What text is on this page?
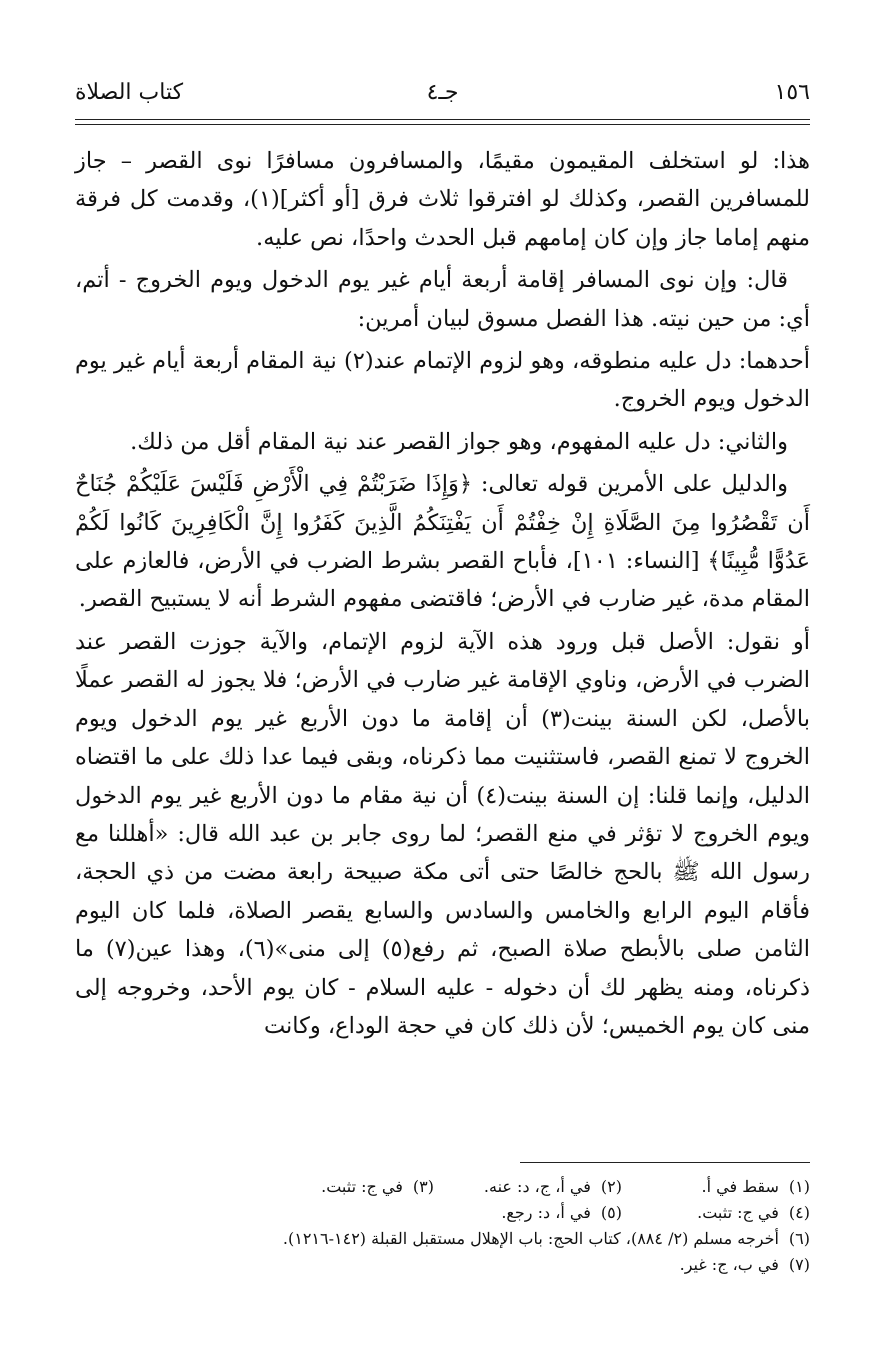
١٥٦
جـ٤
كتاب الصلاة

هذا: لو استخلف المقيمون مقيمًا، والمسافرون مسافرًا نوى القصر – جاز للمسافرين القصر، وكذلك لو افترقوا ثلاث فرق [أو أكثر](١)، وقدمت كل فرقة منهم إماما جاز وإن كان إمامهم قبل الحدث واحدًا، نص عليه.

قال: وإن نوى المسافر إقامة أربعة أيام غير يوم الدخول ويوم الخروج - أتم، أي: من حين نيته. هذا الفصل مسوق لبيان أمرين:

أحدهما: دل عليه منطوقه، وهو لزوم الإتمام عند(٢) نية المقام أربعة أيام غير يوم الدخول ويوم الخروج.

والثاني: دل عليه المفهوم، وهو جواز القصر عند نية المقام أقل من ذلك.

والدليل على الأمرين قوله تعالى: ﴿وَإِذَا ضَرَبْتُمْ فِي الْأَرْضِ فَلَيْسَ عَلَيْكُمْ جُنَاحٌ أَن تَقْصُرُوا مِنَ الصَّلَاةِ إِنْ خِفْتُمْ أَن يَفْتِنَكُمُ الَّذِينَ كَفَرُوا إِنَّ الْكَافِرِينَ كَانُوا لَكُمْ عَدُوًّا مُّبِينًا﴾ [النساء: ١٠١]، فأباح القصر بشرط الضرب في الأرض، فالعازم على المقام مدة، غير ضارب في الأرض؛ فاقتضى مفهوم الشرط أنه لا يستبيح القصر.

أو نقول: الأصل قبل ورود هذه الآية لزوم الإتمام، والآية جوزت القصر عند الضرب في الأرض، وناوي الإقامة غير ضارب في الأرض؛ فلا يجوز له القصر عملًا بالأصل، لكن السنة بينت(٣) أن إقامة ما دون الأربع غير يوم الدخول ويوم الخروج لا تمنع القصر، فاستثنيت مما ذكرناه، وبقى فيما عدا ذلك على ما اقتضاه الدليل، وإنما قلنا: إن السنة بينت(٤) أن نية مقام ما دون الأربع غير يوم الدخول ويوم الخروج لا تؤثر في منع القصر؛ لما روى جابر بن عبد الله قال: «أهللنا مع رسول الله ﷺ بالحج خالصًا حتى أتى مكة صبيحة رابعة مضت من ذي الحجة، فأقام اليوم الرابع والخامس والسادس والسابع يقصر الصلاة، فلما كان اليوم الثامن صلى بالأبطح صلاة الصبح، ثم رفع(٥) إلى منى»(٦)، وهذا عين(٧) ما ذكرناه، ومنه يظهر لك أن دخوله - عليه السلام - كان يوم الأحد، وخروجه إلى منى كان يوم الخميس؛ لأن ذلك كان في حجة الوداع، وكانت

(١)
سقط في أ.
(٢)
في أ، ج، د: عنه.
(٣)
في ج: تثبت.
(٤)
في ج: تثبت.
(٥)
في أ، د: رجع.
(٦)
أخرجه مسلم (٢/ ٨٨٤)، كتاب الحج: باب الإهلال مستقبل القبلة (١٤٢-١٢١٦).
(٧)
في ب، ج: غير.
